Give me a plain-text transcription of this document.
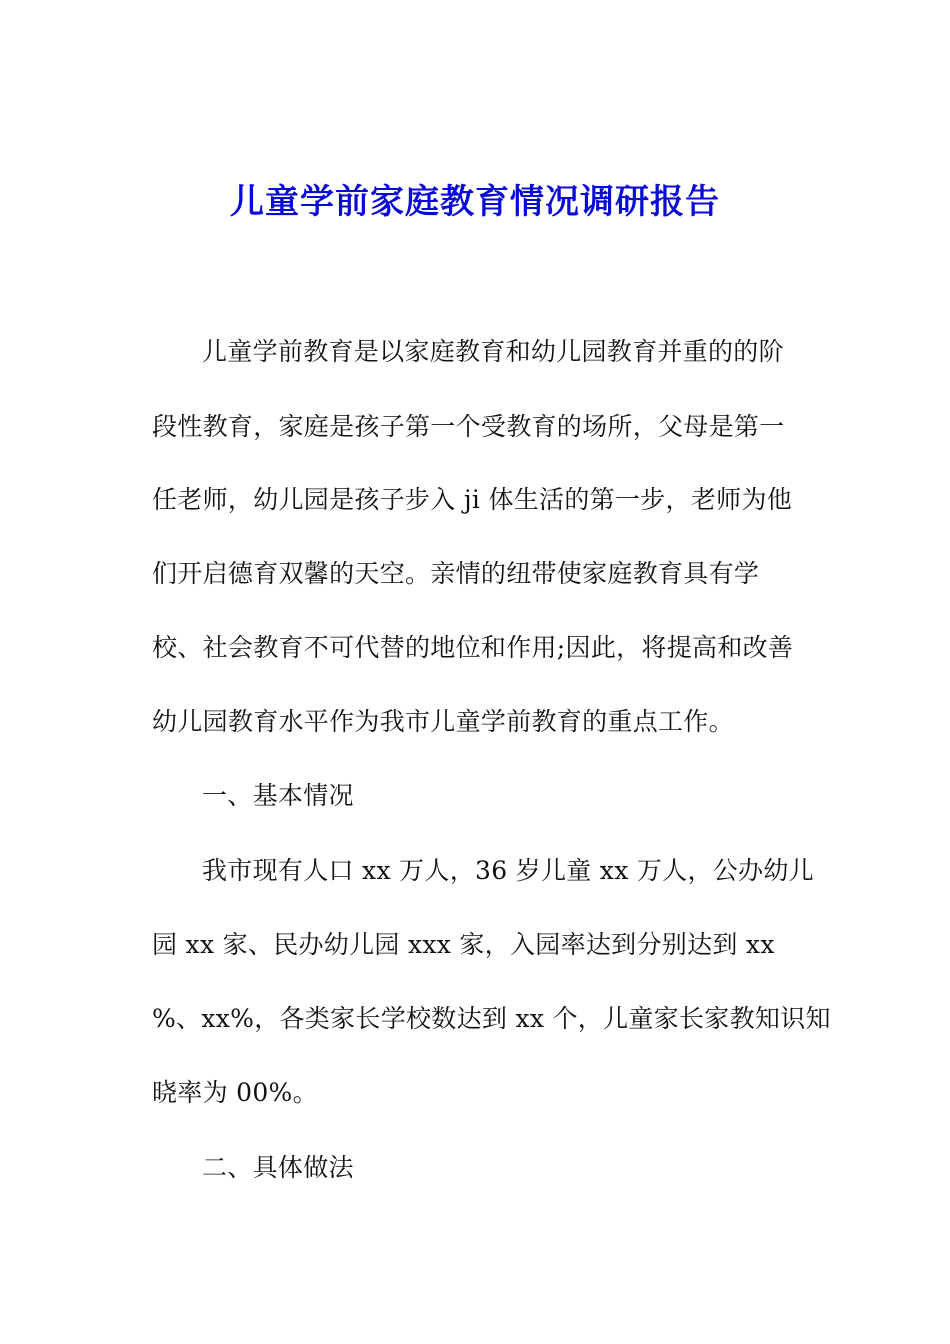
儿童学前家庭教育情况调研报告
儿童学前教育是以家庭教育和幼儿园教育并重的的阶
段性教育，家庭是孩子第一个受教育的场所，父母是第一
任老师，幼儿园是孩子步入 ji 体生活的第一步，老师为他
们开启德育双馨的天空。亲情的纽带使家庭教育具有学
校、社会教育不可代替的地位和作用;因此，将提高和改善
幼儿园教育水平作为我市儿童学前教育的重点工作。
一、基本情况
我市现有人口 xx 万人，36 岁儿童 xx 万人，公办幼儿
园 xx 家、民办幼儿园 xxx 家，入园率达到分别达到 xx
%、xx%，各类家长学校数达到 xx 个，儿童家长家教知识知
晓率为 00%。
二、具体做法
